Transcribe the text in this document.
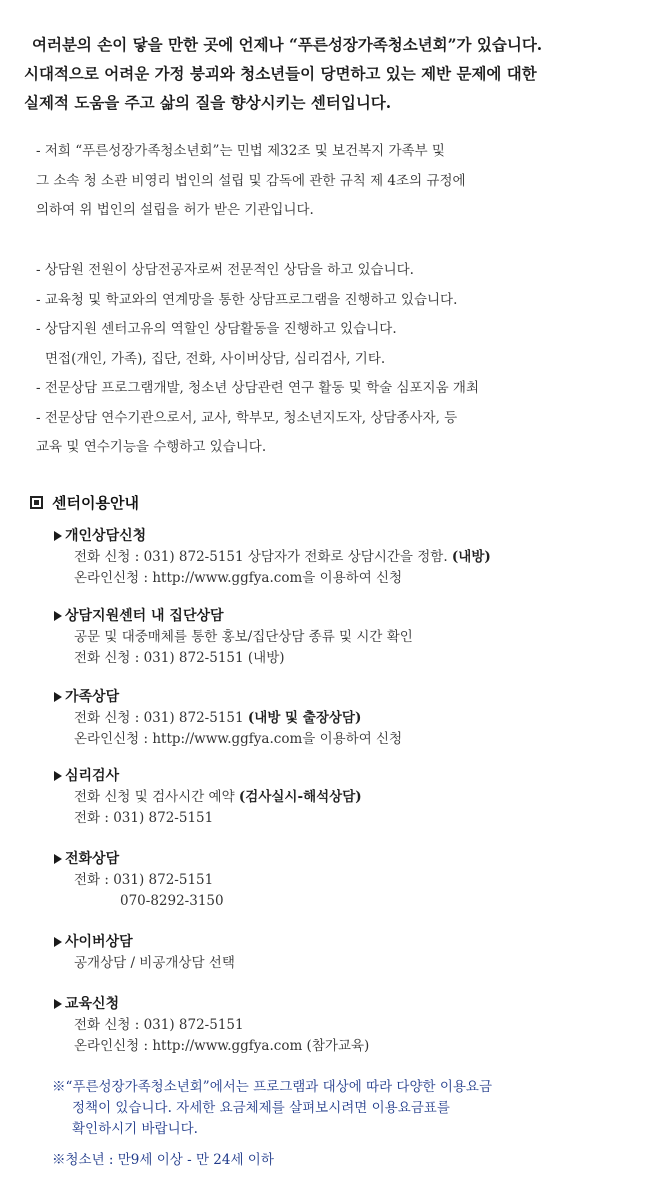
여러분의 손이 닿을 만한 곳에 언제나 “푸른성장가족청소년회”가 있습니다.

시대적으로 어려운 가정 붕괴와 청소년들이 당면하고 있는 제반 문제에 대한

실제적 도움을 주고 삶의 질을 향상시키는 센터입니다.

- 저희 “푸른성장가족청소년회”는 민법 제32조 및 보건복지 가족부 및

그 소속 청 소관 비영리 법인의 설립 및 감독에 관한 규칙 제 4조의 규정에

의하여 위 법인의 설립을 허가 받은 기관입니다.

- 상담원 전원이 상담전공자로써 전문적인 상담을 하고 있습니다.

- 교육청 및 학교와의 연계망을 통한 상담프로그램을 진행하고 있습니다.

- 상담지원 센터고유의 역할인 상담활동을 진행하고 있습니다.

면접(개인, 가족), 집단, 전화, 사이버상담, 심리검사, 기타.

- 전문상담 프로그램개발, 청소년 상담관련 연구 활동 및 학술 심포지움 개최

- 전문상담 연수기관으로서, 교사, 학부모, 청소년지도자, 상담종사자, 등

교육 및 연수기능을 수행하고 있습니다.

센터이용안내
개인상담신청
전화 신청 : 031) 872-5151 상담자가 전화로 상담시간을 정함. (내방)
온라인신청 : http://www.ggfya.com을 이용하여 신청
상담지원센터 내 집단상담
공문 및 대중매체를 통한 홍보/집단상담 종류 및 시간 확인
전화 신청 : 031) 872-5151 (내방)
가족상담
전화 신청 : 031) 872-5151 (내방 및 출장상담)
온라인신청 : http://www.ggfya.com을 이용하여 신청
심리검사
전화 신청 및 검사시간 예약 (검사실시-해석상담)
전화 : 031) 872-5151
전화상담
전화 : 031) 872-5151
070-8292-3150
사이버상담
공개상담 / 비공개상담 선택
교육신청
전화 신청 : 031) 872-5151
온라인신청 : http://www.ggfya.com (참가교육)

※“푸른성장가족청소년회”에서는 프로그램과 대상에 따라 다양한 이용요금

정책이 있습니다. 자세한 요금체제를 살펴보시려면 이용요금표를

확인하시기 바랍니다.

※청소년 : 만9세 이상 - 만 24세 이하
